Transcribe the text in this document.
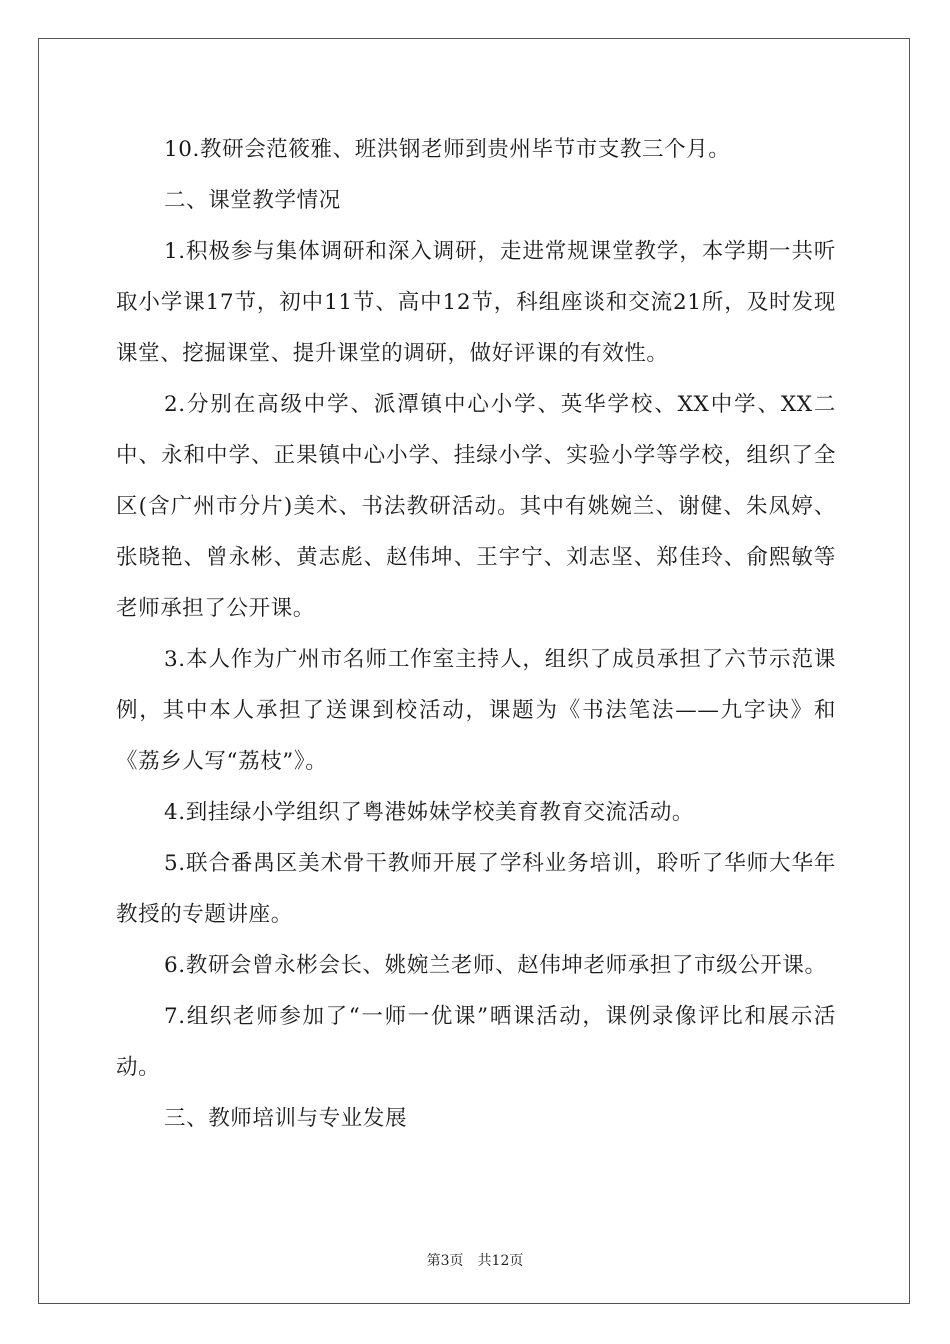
10.教研会范筱雅、班洪钢老师到贵州毕节市支教三个月。

二、课堂教学情况

1.积极参与集体调研和深入调研，走进常规课堂教学，本学期一共听取小学课17节，初中11节、高中12节，科组座谈和交流21所，及时发现课堂、挖掘课堂、提升课堂的调研，做好评课的有效性。

2.分别在高级中学、派潭镇中心小学、英华学校、XX中学、XX二中、永和中学、正果镇中心小学、挂绿小学、实验小学等学校，组织了全区(含广州市分片)美术、书法教研活动。其中有姚婉兰、谢健、朱凤婷、张晓艳、曾永彬、黄志彪、赵伟坤、王宇宁、刘志坚、郑佳玲、俞熙敏等老师承担了公开课。

3.本人作为广州市名师工作室主持人，组织了成员承担了六节示范课例，其中本人承担了送课到校活动，课题为《书法笔法——九字诀》和《荔乡人写“荔枝”》。

4.到挂绿小学组织了粤港姊妹学校美育教育交流活动。

5.联合番禺区美术骨干教师开展了学科业务培训，聆听了华师大华年教授的专题讲座。

6.教研会曾永彬会长、姚婉兰老师、赵伟坤老师承担了市级公开课。

7.组织老师参加了“一师一优课”晒课活动，课例录像评比和展示活动。

三、教师培训与专业发展

第3页 共12页
